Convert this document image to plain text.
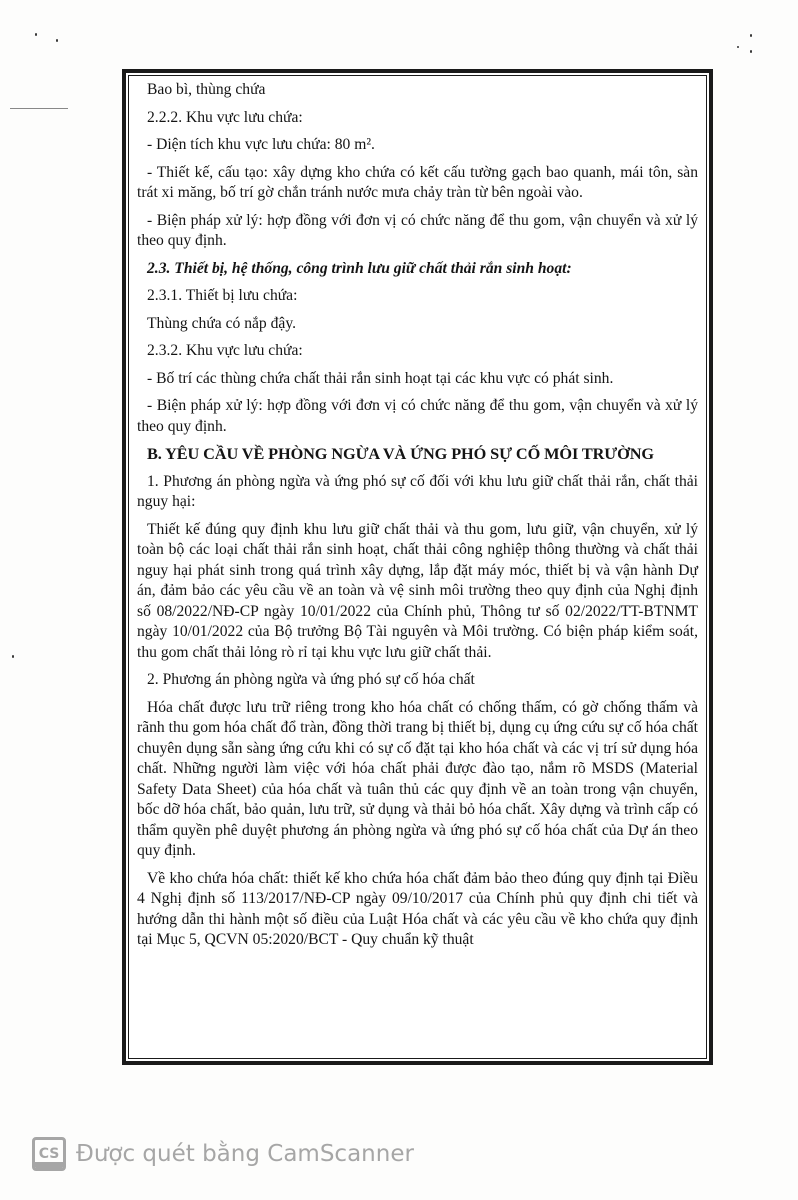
Bao bì, thùng chứa

2.2.2. Khu vực lưu chứa:

- Diện tích khu vực lưu chứa: 80 m².

- Thiết kế, cấu tạo: xây dựng kho chứa có kết cấu tường gạch bao quanh, mái tôn, sàn trát xi măng, bố trí gờ chắn tránh nước mưa chảy tràn từ bên ngoài vào.

- Biện pháp xử lý: hợp đồng với đơn vị có chức năng để thu gom, vận chuyển và xử lý theo quy định.

2.3. Thiết bị, hệ thống, công trình lưu giữ chất thải rắn sinh hoạt:

2.3.1. Thiết bị lưu chứa:

Thùng chứa có nắp đậy.

2.3.2. Khu vực lưu chứa:

- Bố trí các thùng chứa chất thải rắn sinh hoạt tại các khu vực có phát sinh.

- Biện pháp xử lý: hợp đồng với đơn vị có chức năng để thu gom, vận chuyển và xử lý theo quy định.

B. YÊU CẦU VỀ PHÒNG NGỪA VÀ ỨNG PHÓ SỰ CỐ MÔI TRƯỜNG

1. Phương án phòng ngừa và ứng phó sự cố đối với khu lưu giữ chất thải rắn, chất thải nguy hại:

Thiết kế đúng quy định khu lưu giữ chất thải và thu gom, lưu giữ, vận chuyển, xử lý toàn bộ các loại chất thải rắn sinh hoạt, chất thải công nghiệp thông thường và chất thải nguy hại phát sinh trong quá trình xây dựng, lắp đặt máy móc, thiết bị và vận hành Dự án, đảm bảo các yêu cầu về an toàn và vệ sinh môi trường theo quy định của Nghị định số 08/2022/NĐ-CP ngày 10/01/2022 của Chính phủ, Thông tư số 02/2022/TT-BTNMT ngày 10/01/2022 của Bộ trưởng Bộ Tài nguyên và Môi trường. Có biện pháp kiểm soát, thu gom chất thải lỏng rò rỉ tại khu vực lưu giữ chất thải.

2. Phương án phòng ngừa và ứng phó sự cố hóa chất

Hóa chất được lưu trữ riêng trong kho hóa chất có chống thấm, có gờ chống thấm và rãnh thu gom hóa chất đổ tràn, đồng thời trang bị thiết bị, dụng cụ ứng cứu sự cố hóa chất chuyên dụng sẵn sàng ứng cứu khi có sự cố đặt tại kho hóa chất và các vị trí sử dụng hóa chất. Những người làm việc với hóa chất phải được đào tạo, nắm rõ MSDS (Material Safety Data Sheet) của hóa chất và tuân thủ các quy định về an toàn trong vận chuyển, bốc dỡ hóa chất, bảo quản, lưu trữ, sử dụng và thải bỏ hóa chất. Xây dựng và trình cấp có thẩm quyền phê duyệt phương án phòng ngừa và ứng phó sự cố hóa chất của Dự án theo quy định.

Về kho chứa hóa chất: thiết kế kho chứa hóa chất đảm bảo theo đúng quy định tại Điều 4 Nghị định số 113/2017/NĐ-CP ngày 09/10/2017 của Chính phủ quy định chi tiết và hướng dẫn thi hành một số điều của Luật Hóa chất và các yêu cầu về kho chứa quy định tại Mục 5, QCVN 05:2020/BCT - Quy chuẩn kỹ thuật

CS Được quét bằng CamScanner
